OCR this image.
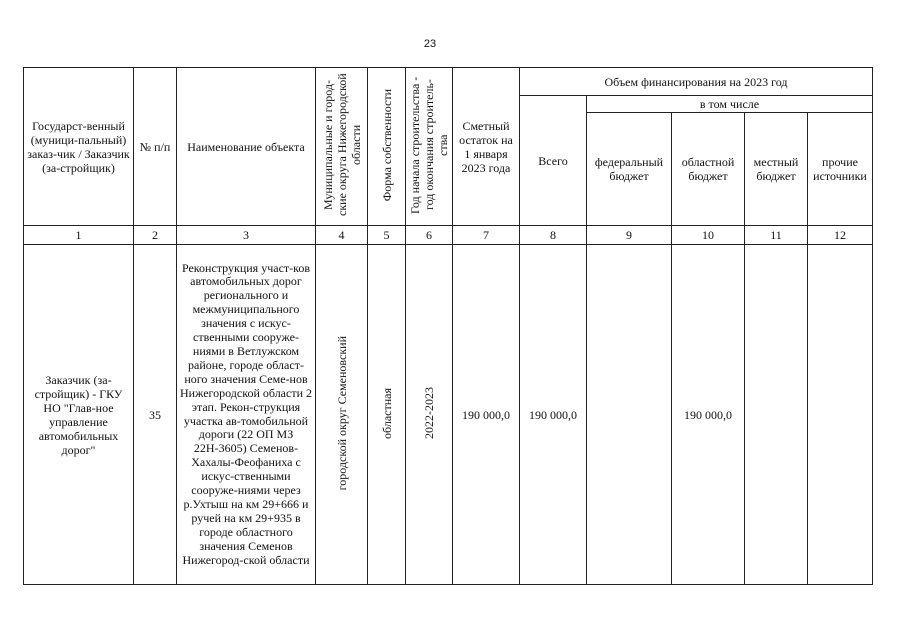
23
Государст-венный (муници-пальный) заказ-чик / Заказчик (за-стройщик)	№ п/п	Наименование объекта	Муниципальные и город-ские округа Нижегородской области	Форма собственности	Год начала строительства - год окончания строитель-ства	Сметный остаток на 1 января 2023 года	Объем финансирования на 2023 год				
							Всего	в том числе			
								федеральный бюджет	областной бюджет	местный бюджет	прочие источники
1	2	3	4	5	6	7	8	9	10	11	12
Заказчик (за-стройщик) - ГКУ НО "Глав-ное управление автомобильных дорог"	35	Реконструкция участ-ков автомобильных дорог регионального и межмуниципального значения с искус-ственными сооруже-ниями в Ветлужском районе, городе област-ного значения Семе-нов Нижегородской области 2 этап. Рекон-струкция участка ав-томобильной дороги (22 ОП МЗ 22Н-3605) Семенов-Хахалы-Феофаниха с искус-ственными сооруже-ниями через р.Ухтыш на км 29+666 и ручей на км 29+935 в городе областного значения Семенов Нижегород-ской области	городской округ Семеновский	областная	2022-2023	190 000,0	190 000,0		190 000,0		
